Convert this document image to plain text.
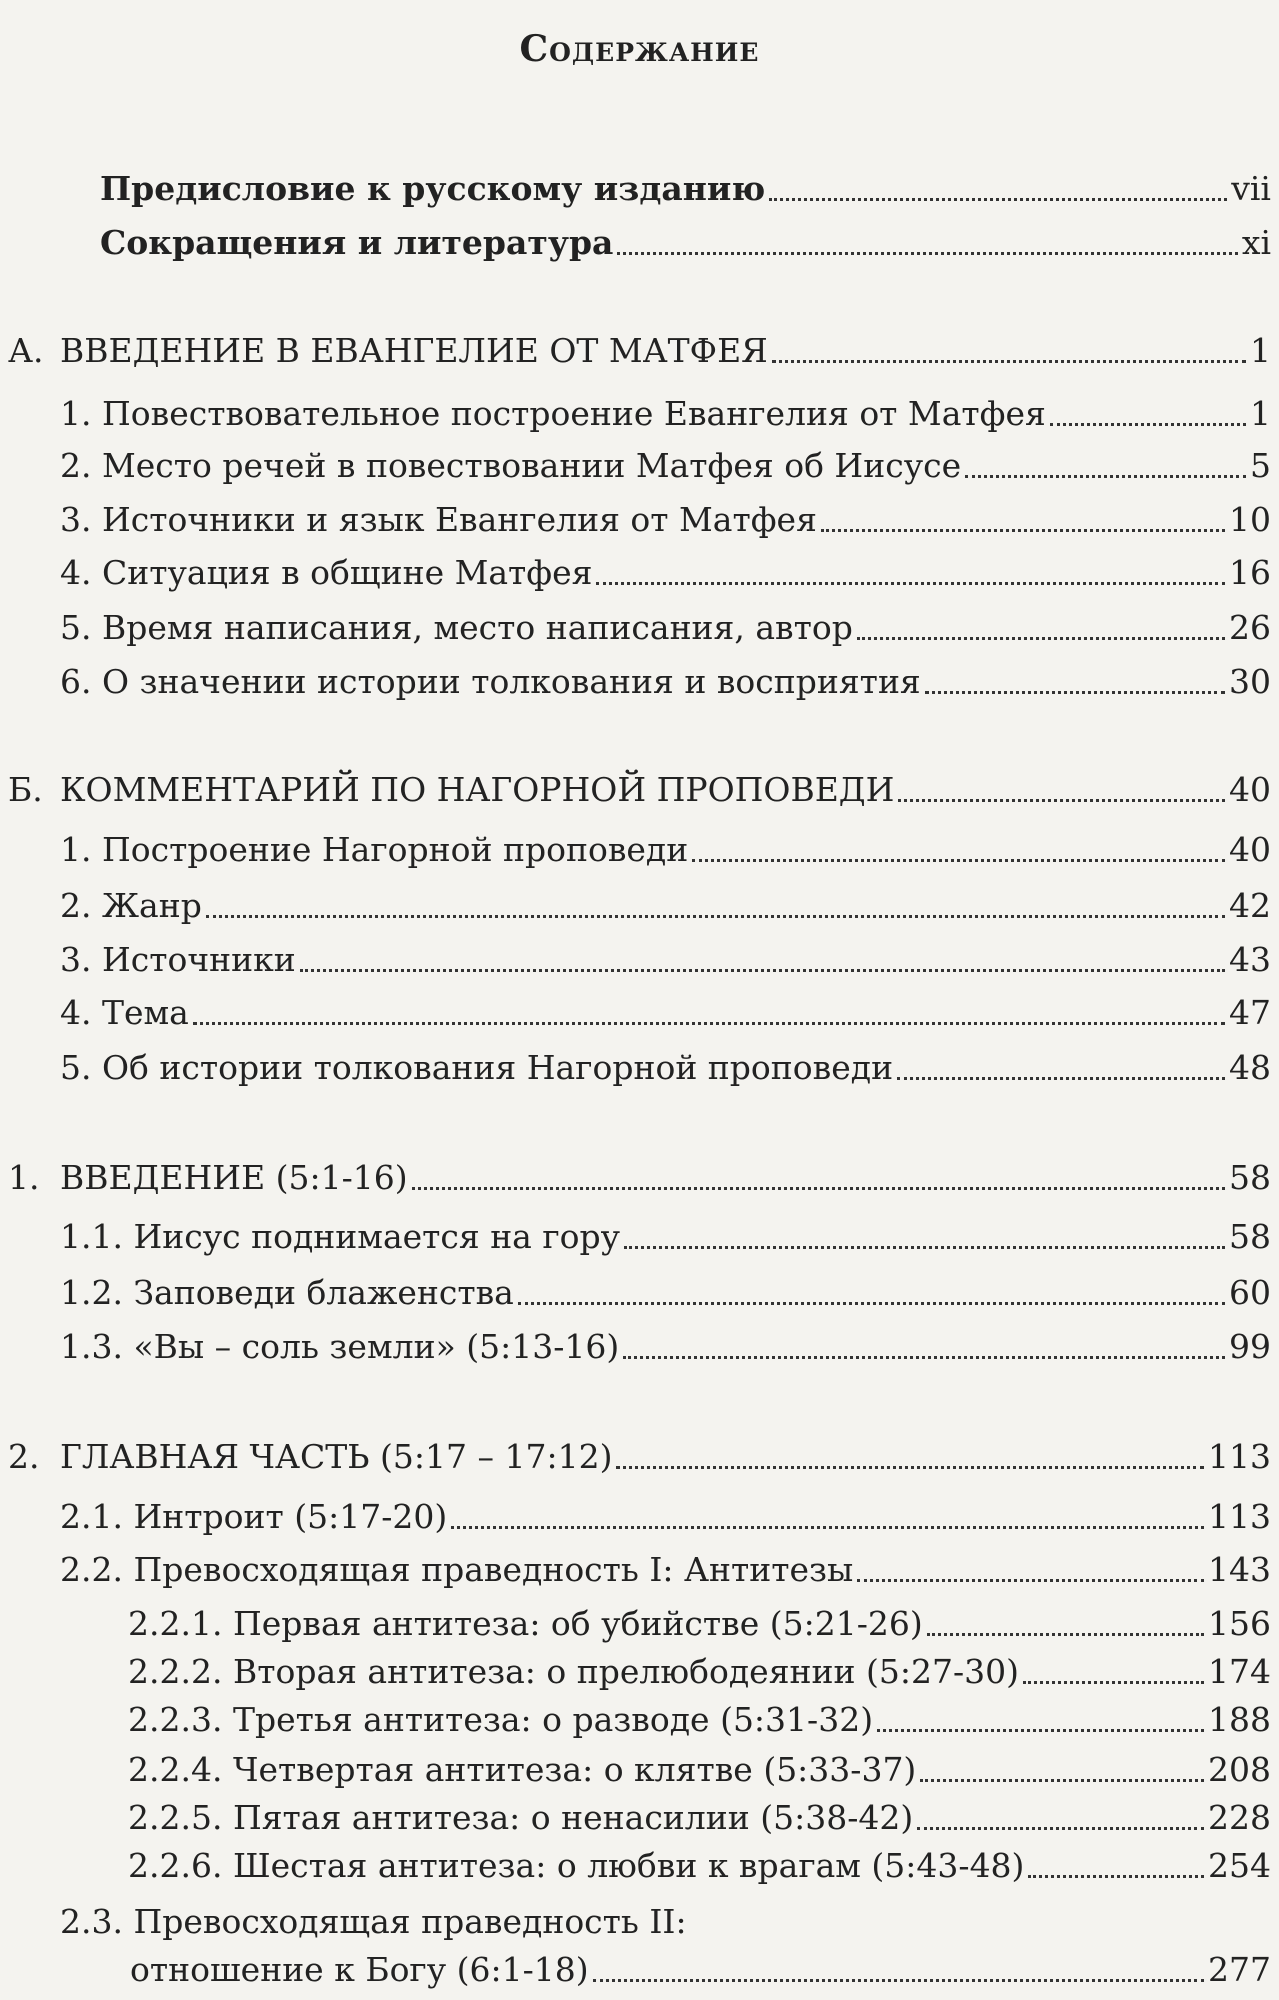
Содержание
Предисловие к русскому изданию	vii
Сокращения и литература	xi
А. ВВЕДЕНИЕ В ЕВАНГЕЛИЕ ОТ МАТФЕЯ	1
1. Повествовательное построение Евангелия от Матфея	1
2. Место речей в повествовании Матфея об Иисусе	5
3. Источники и язык Евангелия от Матфея	10
4. Ситуация в общине Матфея	16
5. Время написания, место написания, автор	26
6. О значении истории толкования и восприятия	30
Б. КОММЕНТАРИЙ ПО НАГОРНОЙ ПРОПОВЕДИ	40
1. Построение Нагорной проповеди	40
2. Жанр	42
3. Источники	43
4. Тема	47
5. Об истории толкования Нагорной проповеди	48
1. ВВЕДЕНИЕ (5:1-16)	58
1.1. Иисус поднимается на гору	58
1.2. Заповеди блаженства	60
1.3. «Вы – соль земли» (5:13-16)	99
2. ГЛАВНАЯ ЧАСТЬ (5:17 – 17:12)	113
2.1. Интроит (5:17-20)	113
2.2. Превосходящая праведность I: Антитезы	143
2.2.1. Первая антитеза: об убийстве (5:21-26)	156
2.2.2. Вторая антитеза: о прелюбодеянии (5:27-30)	174
2.2.3. Третья антитеза: о разводе (5:31-32)	188
2.2.4. Четвертая антитеза: о клятве (5:33-37)	208
2.2.5. Пятая антитеза: о ненасилии (5:38-42)	228
2.2.6. Шестая антитеза: о любви к врагам (5:43-48)	254
2.3. Превосходящая праведность II:
отношение к Богу (6:1-18)	277
